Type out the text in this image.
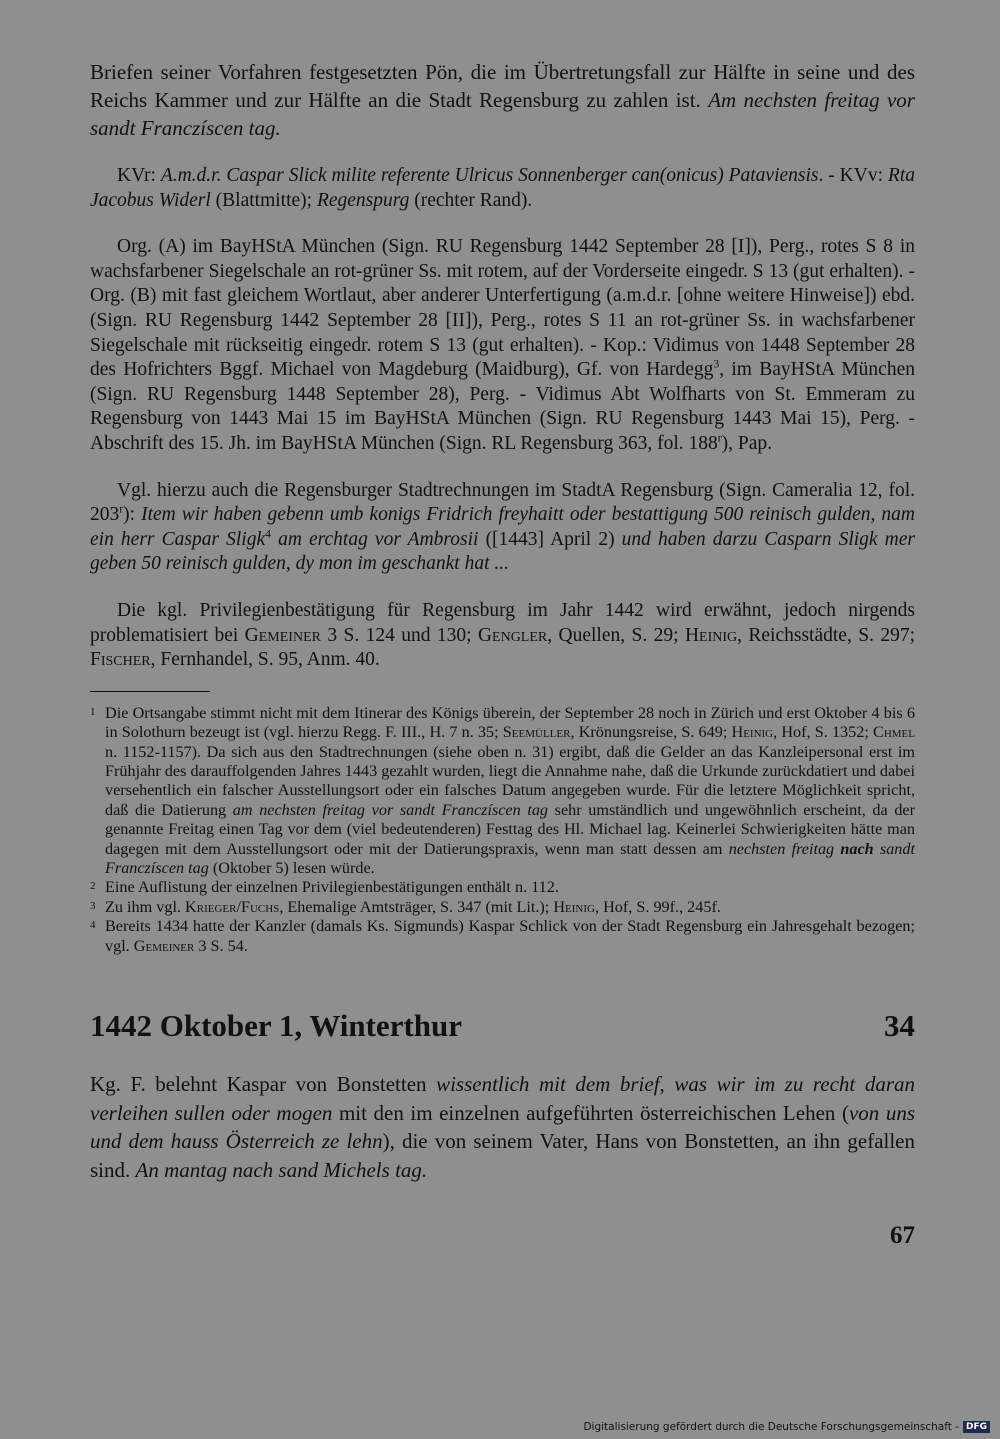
Briefen seiner Vorfahren festgesetzten Pön, die im Übertretungsfall zur Hälfte in seine und des Reichs Kammer und zur Hälfte an die Stadt Regensburg zu zahlen ist. Am nechsten freitag vor sandt Franczíscen tag.

KVr: A.m.d.r. Caspar Slick milite referente Ulricus Sonnenberger can(onicus) Pataviensis. - KVv: Rta Jacobus Widerl (Blattmitte); Regenspurg (rechter Rand).

Org. (A) im BayHStA München (Sign. RU Regensburg 1442 September 28 [I]), Perg., rotes S 8 in wachsfarbener Siegelschale an rot-grüner Ss. mit rotem, auf der Vorderseite eingedr. S 13 (gut erhalten). - Org. (B) mit fast gleichem Wortlaut, aber anderer Unterfertigung (a.m.d.r. [ohne weitere Hinweise]) ebd. (Sign. RU Regensburg 1442 September 28 [II]), Perg., rotes S 11 an rot-grüner Ss. in wachsfarbener Siegelschale mit rückseitig eingedr. rotem S 13 (gut erhalten). - Kop.: Vidimus von 1448 September 28 des Hofrichters Bggf. Michael von Magdeburg (Maidburg), Gf. von Hardegg$^3$, im BayHStA München (Sign. RU Regensburg 1448 September 28), Perg. - Vidimus Abt Wolfharts von St. Emmeram zu Regensburg von 1443 Mai 15 im BayHStA München (Sign. RU Regensburg 1443 Mai 15), Perg. - Abschrift des 15. Jh. im BayHStA München (Sign. RL Regensburg 363, fol. 188$^r$), Pap.

Vgl. hierzu auch die Regensburger Stadtrechnungen im StadtA Regensburg (Sign. Cameralia 12, fol. 203$^r$): Item wir haben gebenn umb konigs Fridrich freyhaitt oder bestattigung 500 reinisch gulden, nam ein herr Caspar Sligk$^4$ am erchtag vor Ambrosii ([1443] April 2) und haben darzu Casparn Sligk mer geben 50 reinisch gulden, dy mon im geschankt hat ...

Die kgl. Privilegienbestätigung für Regensburg im Jahr 1442 wird erwähnt, jedoch nirgends problematisiert bei Gemeiner 3 S. 124 und 130; Gengler, Quellen, S. 29; Heinig, Reichsstädte, S. 297; Fischer, Fernhandel, S. 95, Anm. 40.

1 Die Ortsangabe stimmt nicht mit dem Itinerar des Königs überein, der September 28 noch in Zürich und erst Oktober 4 bis 6 in Solothurn bezeugt ist (vgl. hierzu Regg. F. III., H. 7 n. 35; Seemüller, Krönungsreise, S. 649; Heinig, Hof, S. 1352; Chmel n. 1152-1157). Da sich aus den Stadtrechnungen (siehe oben n. 31) ergibt, daß die Gelder an das Kanzleipersonal erst im Frühjahr des darauffolgenden Jahres 1443 gezahlt wurden, liegt die Annahme nahe, daß die Urkunde zurückdatiert und dabei versehentlich ein falscher Ausstellungsort oder ein falsches Datum angegeben wurde. Für die letztere Möglichkeit spricht, daß die Datierung am nechsten freitag vor sandt Franczíscen tag sehr umständlich und ungewöhnlich erscheint, da der genannte Freitag einen Tag vor dem (viel bedeutenderen) Festtag des Hl. Michael lag. Keinerlei Schwierigkeiten hätte man dagegen mit dem Ausstellungsort oder mit der Datierungspraxis, wenn man statt dessen am nechsten freitag nach sandt Franczíscen tag (Oktober 5) lesen würde.

2 Eine Auflistung der einzelnen Privilegienbestätigungen enthält n. 112.

3 Zu ihm vgl. Krieger/Fuchs, Ehemalige Amtsträger, S. 347 (mit Lit.); Heinig, Hof, S. 99f., 245f.

4 Bereits 1434 hatte der Kanzler (damals Ks. Sigmunds) Kaspar Schlick von der Stadt Regensburg ein Jahresgehalt bezogen; vgl. Gemeiner 3 S. 54.

1442 Oktober 1, Winterthur	34

Kg. F. belehnt Kaspar von Bonstetten wissentlich mit dem brief, was wir im zu recht daran verleihen sullen oder mogen mit den im einzelnen aufgeführten österreichischen Lehen (von uns und dem hauss Österreich ze lehn), die von seinem Vater, Hans von Bonstetten, an ihn gefallen sind. An mantag nach sand Michels tag.

67
Digitalisierung gefördert durch die Deutsche Forschungsgemeinschaft - DFG
